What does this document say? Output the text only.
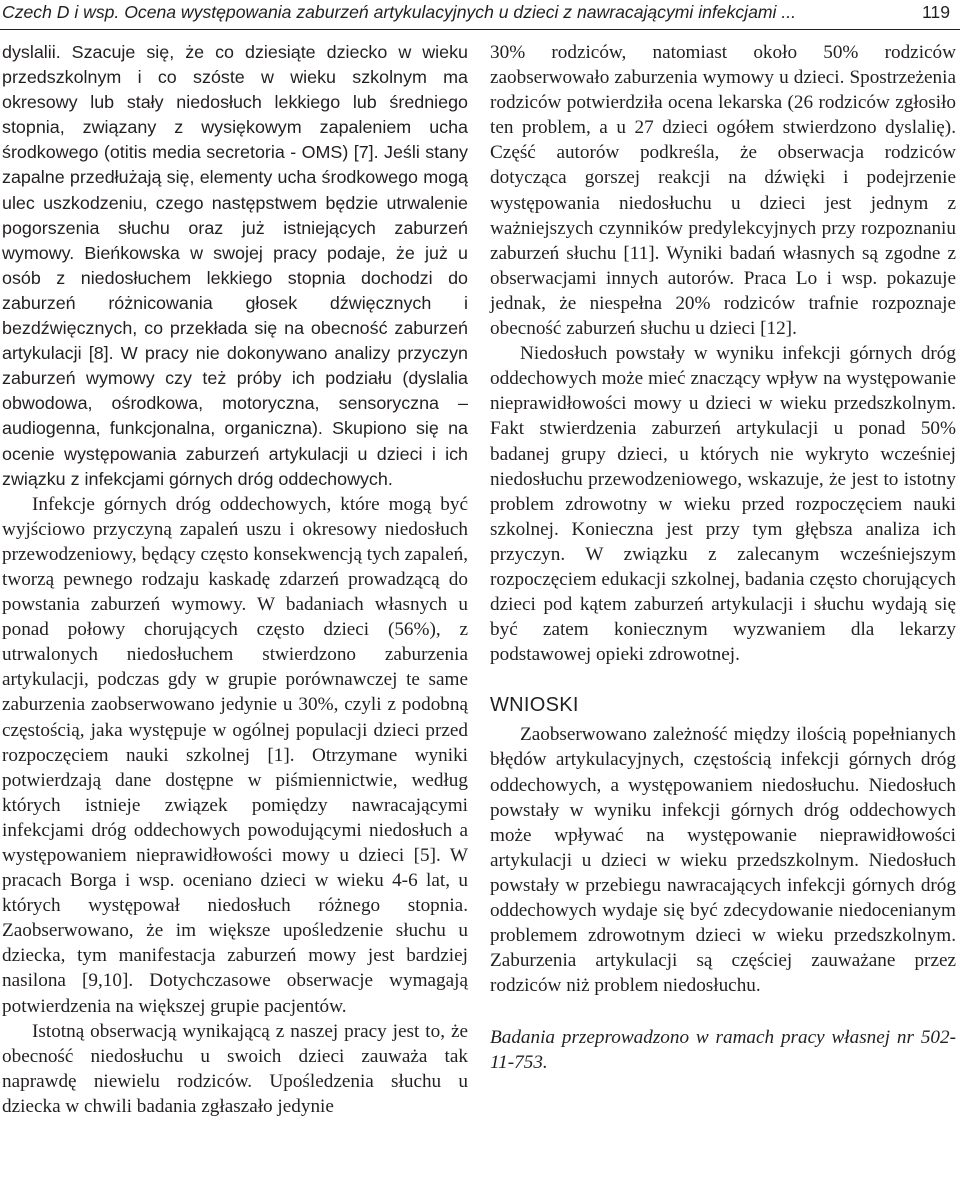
Czech D i wsp. Ocena występowania zaburzeń artykulacyjnych u dzieci z nawracającymi infekcjami ...	119

dyslalii. Szacuje się, że co dziesiąte dziecko w wieku przedszkolnym i co szóste w wieku szkolnym ma okresowy lub stały niedosłuch lekkiego lub średniego stopnia, związany z wysiękowym zapaleniem ucha środkowego (otitis media secretoria - OMS) [7]. Jeśli stany zapalne przedłużają się, elementy ucha środkowego mogą ulec uszkodzeniu, czego następstwem będzie utrwalenie pogorszenia słuchu oraz już istniejących zaburzeń wymowy. Bieńkowska w swojej pracy podaje, że już u osób z niedosłuchem lekkiego stopnia dochodzi do zaburzeń różnicowania głosek dźwięcznych i bezdźwięcznych, co przekłada się na obecność zaburzeń artykulacji [8]. W pracy nie dokonywano analizy przyczyn zaburzeń wymowy czy też próby ich podziału (dyslalia obwodowa, ośrodkowa, motoryczna, sensoryczna – audiogenna, funkcjonalna, organiczna). Skupiono się na ocenie występowania zaburzeń artykulacji u dzieci i ich związku z infekcjami górnych dróg oddechowych.

Infekcje górnych dróg oddechowych, które mogą być wyjściowo przyczyną zapaleń uszu i okresowy niedosłuch przewodzeniowy, będący często konsekwencją tych zapaleń, tworzą pewnego rodzaju kaskadę zdarzeń prowadzącą do powstania zaburzeń wymowy. W badaniach własnych u ponad połowy chorujących często dzieci (56%), z utrwalonych niedosłuchem stwierdzono zaburzenia artykulacji, podczas gdy w grupie porównawczej te same zaburzenia zaobserwowano jedynie u 30%, czyli z podobną częstością, jaka występuje w ogólnej populacji dzieci przed rozpoczęciem nauki szkolnej [1]. Otrzymane wyniki potwierdzają dane dostępne w piśmiennictwie, według których istnieje związek pomiędzy nawracającymi infekcjami dróg oddechowych powodującymi niedosłuch a występowaniem nieprawidłowości mowy u dzieci [5]. W pracach Borga i wsp. oceniano dzieci w wieku 4-6 lat, u których występował niedosłuch różnego stopnia. Zaobserwowano, że im większe upośledzenie słuchu u dziecka, tym manifestacja zaburzeń mowy jest bardziej nasilona [9,10]. Dotychczasowe obserwacje wymagają potwierdzenia na większej grupie pacjentów.

Istotną obserwacją wynikającą z naszej pracy jest to, że obecność niedosłuchu u swoich dzieci zauważa tak naprawdę niewielu rodziców. Upośledzenia słuchu u dziecka w chwili badania zgłaszało jedynie

30% rodziców, natomiast około 50% rodziców zaobserwowało zaburzenia wymowy u dzieci. Spostrzeżenia rodziców potwierdziła ocena lekarska (26 rodziców zgłosiło ten problem, a u 27 dzieci ogółem stwierdzono dyslalię). Część autorów podkreśla, że obserwacja rodziców dotycząca gorszej reakcji na dźwięki i podejrzenie występowania niedosłuchu u dzieci jest jednym z ważniejszych czynników predylekcyjnych przy rozpoznaniu zaburzeń słuchu [11]. Wyniki badań własnych są zgodne z obserwacjami innych autorów. Praca Lo i wsp. pokazuje jednak, że niespełna 20% rodziców trafnie rozpoznaje obecność zaburzeń słuchu u dzieci [12].

Niedosłuch powstały w wyniku infekcji górnych dróg oddechowych może mieć znaczący wpływ na występowanie nieprawidłowości mowy u dzieci w wieku przedszkolnym. Fakt stwierdzenia zaburzeń artykulacji u ponad 50% badanej grupy dzieci, u których nie wykryto wcześniej niedosłuchu przewodzeniowego, wskazuje, że jest to istotny problem zdrowotny w wieku przed rozpoczęciem nauki szkolnej. Konieczna jest przy tym głębsza analiza ich przyczyn. W związku z zalecanym wcześniejszym rozpoczęciem edukacji szkolnej, badania często chorujących dzieci pod kątem zaburzeń artykulacji i słuchu wydają się być zatem koniecznym wyzwaniem dla lekarzy podstawowej opieki zdrowotnej.

WNIOSKI

Zaobserwowano zależność między ilością popełnianych błędów artykulacyjnych, częstością infekcji górnych dróg oddechowych, a występowaniem niedosłuchu. Niedosłuch powstały w wyniku infekcji górnych dróg oddechowych może wpływać na występowanie nieprawidłowości artykulacji u dzieci w wieku przedszkolnym. Niedosłuch powstały w przebiegu nawracających infekcji górnych dróg oddechowych wydaje się być zdecydowanie niedocenianym problemem zdrowotnym dzieci w wieku przedszkolnym. Zaburzenia artykulacji są częściej zauważane przez rodziców niż problem niedosłuchu.

Badania przeprowadzono w ramach pracy własnej nr 502-11-753.
